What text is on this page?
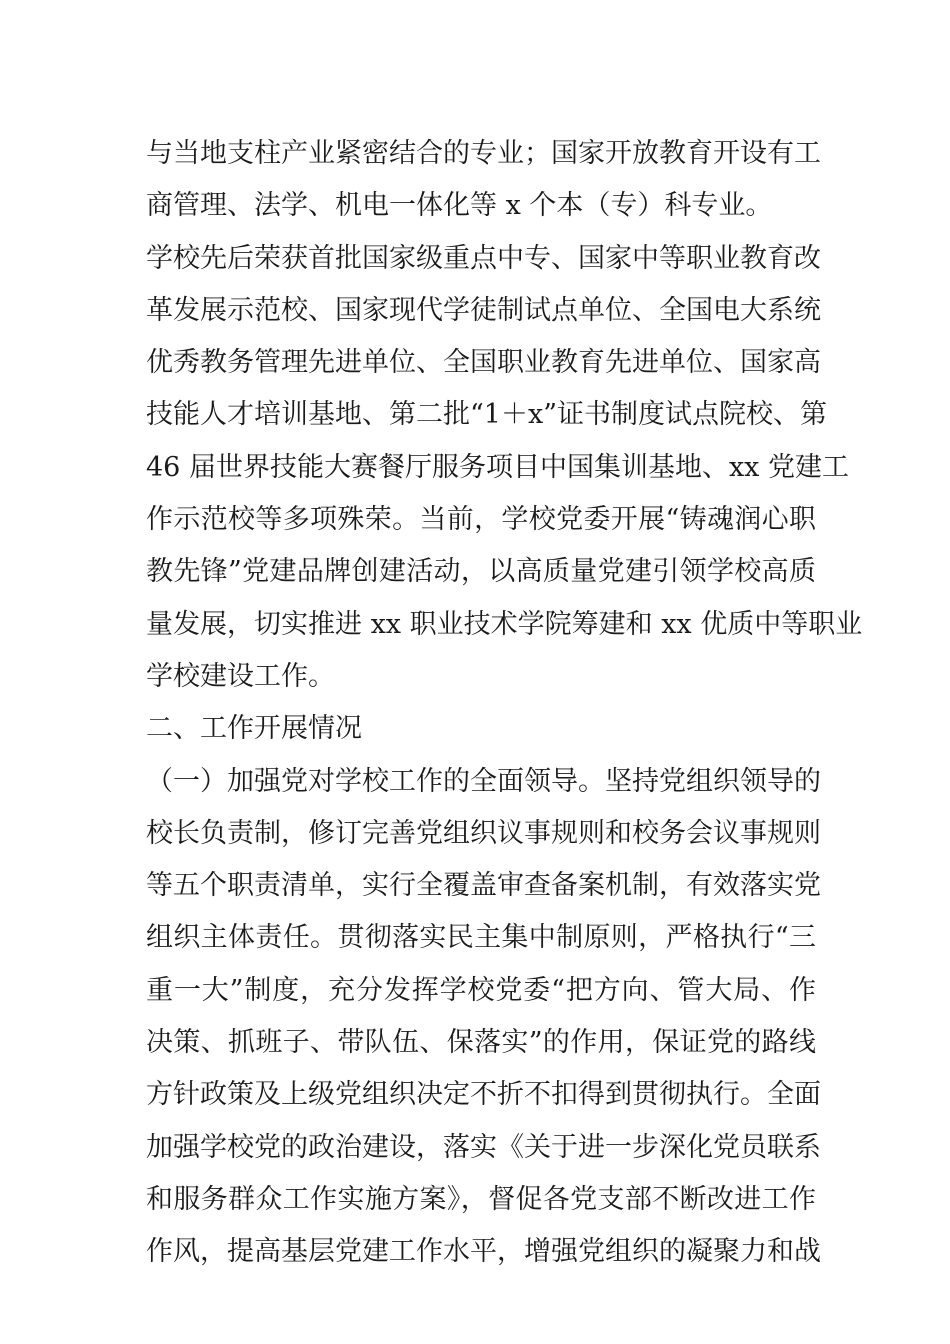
与当地支柱产业紧密结合的专业；国家开放教育开设有工
商管理、法学、机电一体化等 x 个本（专）科专业。
学校先后荣获首批国家级重点中专、国家中等职业教育改
革发展示范校、国家现代学徒制试点单位、全国电大系统
优秀教务管理先进单位、全国职业教育先进单位、国家高
技能人才培训基地、第二批“1＋x”证书制度试点院校、第
46 届世界技能大赛餐厅服务项目中国集训基地、xx 党建工
作示范校等多项殊荣。当前，学校党委开展“铸魂润心职
教先锋”党建品牌创建活动，以高质量党建引领学校高质
量发展，切实推进 xx 职业技术学院筹建和 xx 优质中等职业
学校建设工作。
二、工作开展情况
（一）加强党对学校工作的全面领导。坚持党组织领导的
校长负责制，修订完善党组织议事规则和校务会议事规则
等五个职责清单，实行全覆盖审查备案机制，有效落实党
组织主体责任。贯彻落实民主集中制原则，严格执行“三
重一大”制度，充分发挥学校党委“把方向、管大局、作
决策、抓班子、带队伍、保落实”的作用，保证党的路线
方针政策及上级党组织决定不折不扣得到贯彻执行。全面
加强学校党的政治建设，落实《关于进一步深化党员联系
和服务群众工作实施方案》，督促各党支部不断改进工作
作风，提高基层党建工作水平，增强党组织的凝聚力和战
